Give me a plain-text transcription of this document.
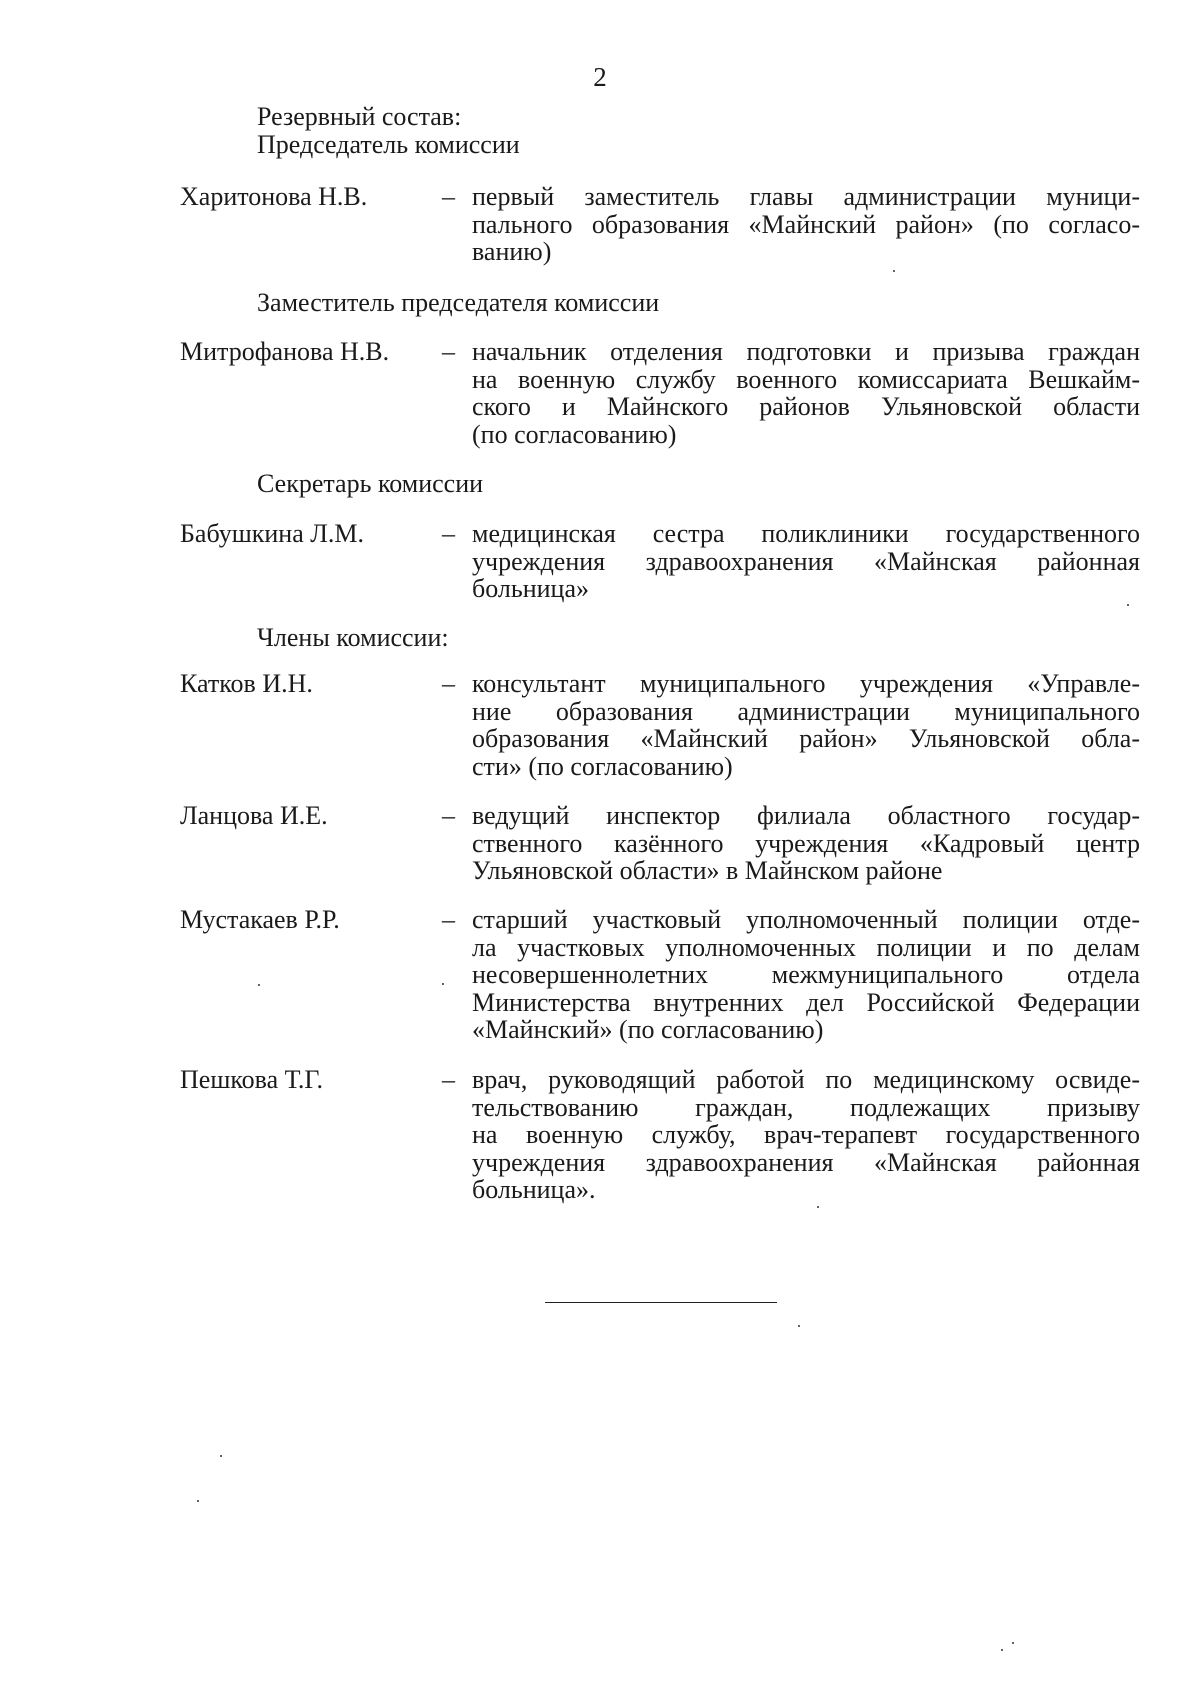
2
Резервный состав:
Председатель комиссии
Харитонова Н.В.	– первый заместитель главы администрации муници-
пального образования «Майнский район» (по согласо-
ванию)
Заместитель председателя комиссии
Митрофанова Н.В. – начальник отделения подготовки и призыва граждан
на военную службу военного комиссариата Вешкайм-
ского и Майнского районов Ульяновской области
(по согласованию)
Секретарь комиссии
Бабушкина Л.М.	– медицинская сестра поликлиники государственного
учреждения здравоохранения «Майнская районная
больница»
Члены комиссии:
Катков И.Н.	– консультант муниципального учреждения «Управле-
ние образования администрации муниципального
образования «Майнский район» Ульяновской обла-
сти» (по согласованию)
Ланцова И.Е.	– ведущий инспектор филиала областного государ-
ственного казённого учреждения «Кадровый центр
Ульяновской области» в Майнском районе
Мустакаев Р.Р.	– старший участковый уполномоченный полиции отде-
ла участковых уполномоченных полиции и по делам
несовершеннолетних межмуниципального отдела
Министерства внутренних дел Российской Федерации
«Майнский» (по согласованию)
Пешкова Т.Г.	– врач, руководящий работой по медицинскому освиде-
тельствованию граждан, подлежащих призыву
на военную службу, врач-терапевт государственного
учреждения здравоохранения «Майнская районная
больница».
